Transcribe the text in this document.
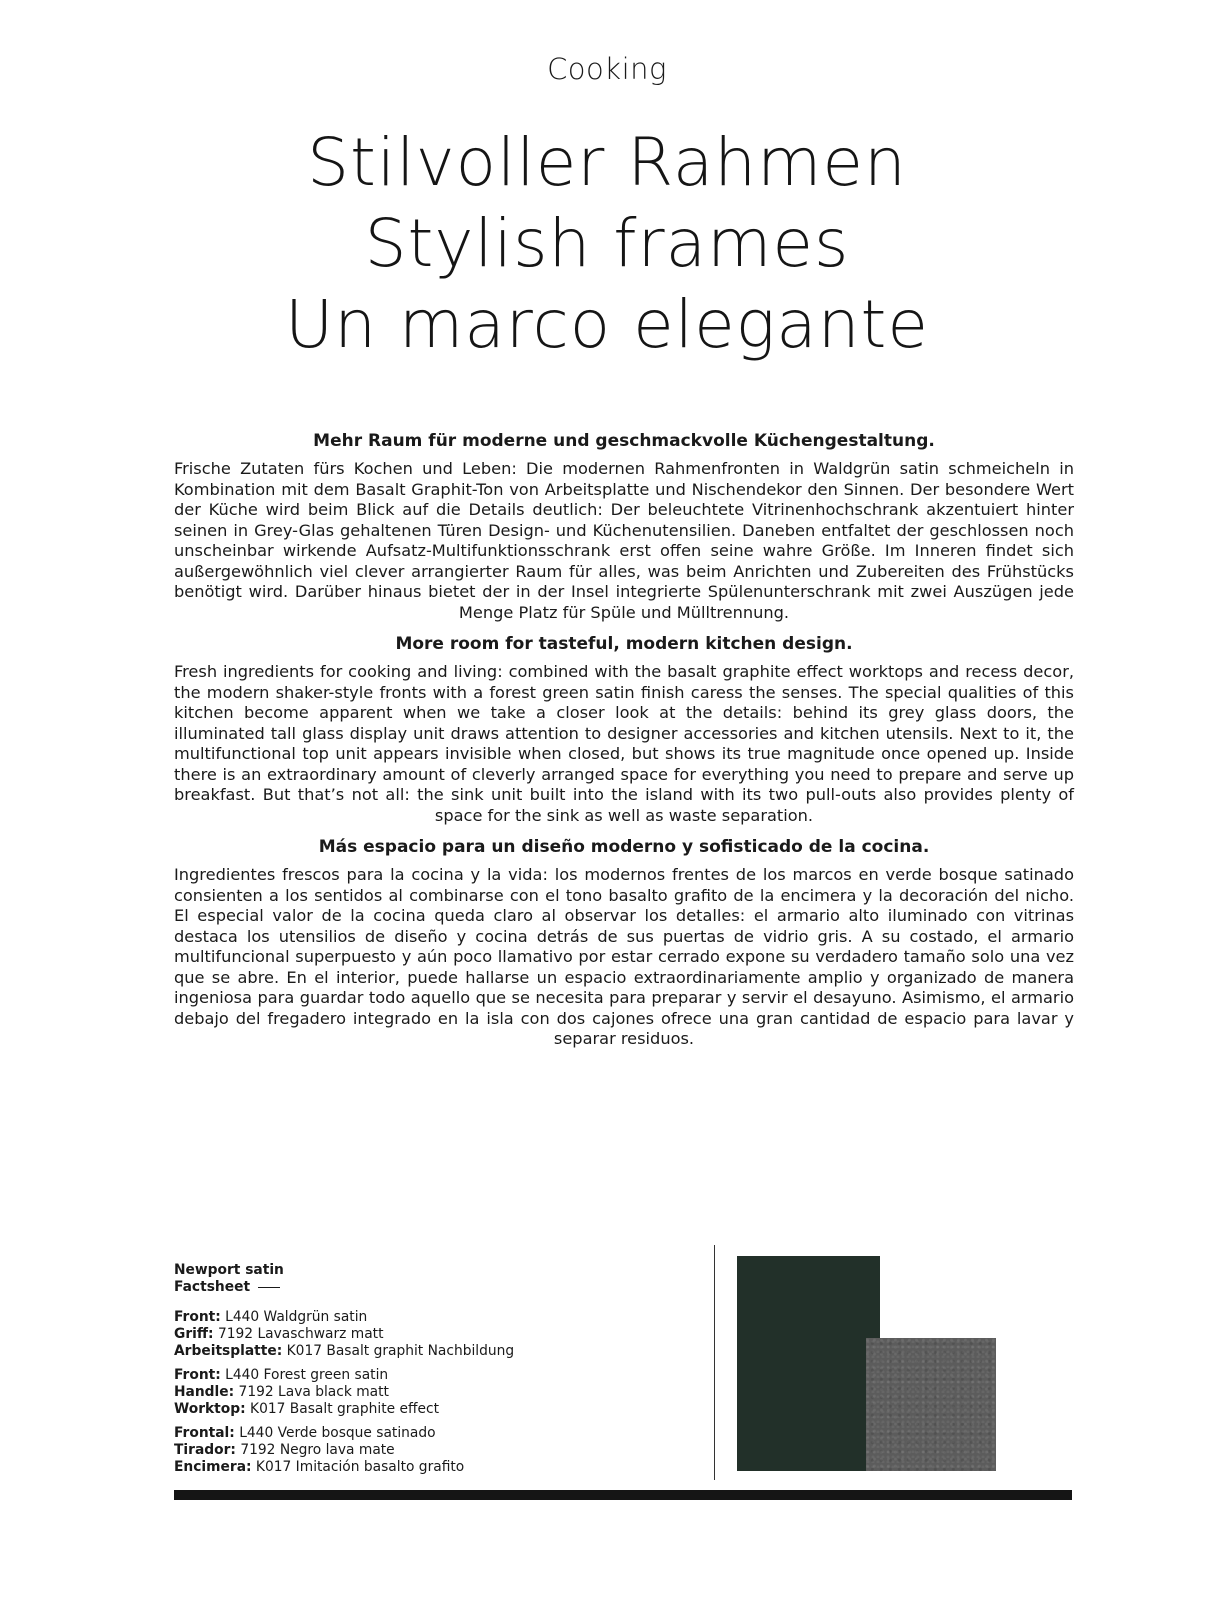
Cooking
Stilvoller Rahmen
Stylish frames
Un marco elegante
Mehr Raum für moderne und geschmackvolle Küchengestaltung.

Frische Zutaten fürs Kochen und Leben: Die modernen Rahmenfronten in Waldgrün satin schmeicheln in Kombination mit dem Basalt Graphit-Ton von Arbeitsplatte und Nischendekor den Sinnen. Der besondere Wert der Küche wird beim Blick auf die Details deutlich: Der beleuchtete Vitrinenhochschrank akzentuiert hinter seinen in Grey-Glas gehaltenen Türen Design- und Küchenutensilien. Daneben entfaltet der geschlossen noch unscheinbar wirkende Aufsatz-Multifunktionsschrank erst offen seine wahre Größe. Im Inneren findet sich außergewöhnlich viel clever arrangierter Raum für alles, was beim Anrichten und Zubereiten des Frühstücks benötigt wird. Darüber hinaus bietet der in der Insel integrierte Spülenunterschrank mit zwei Auszügen jede Menge Platz für Spüle und Mülltrennung.

More room for tasteful, modern kitchen design.

Fresh ingredients for cooking and living: combined with the basalt graphite effect worktops and recess decor, the modern shaker-style fronts with a forest green satin finish caress the senses. The special qualities of this kitchen become apparent when we take a closer look at the details: behind its grey glass doors, the illuminated tall glass display unit draws attention to designer accessories and kitchen utensils. Next to it, the multifunctional top unit appears invisible when closed, but shows its true magnitude once opened up. Inside there is an extraordinary amount of cleverly arranged space for everything you need to prepare and serve up breakfast. But that’s not all: the sink unit built into the island with its two pull-outs also provides plenty of space for the sink as well as waste separation.

Más espacio para un diseño moderno y sofisticado de la cocina.

Ingredientes frescos para la cocina y la vida: los modernos frentes de los marcos en verde bosque satinado consienten a los sentidos al combinarse con el tono basalto grafito de la encimera y la decoración del nicho. El especial valor de la cocina queda claro al observar los detalles: el armario alto iluminado con vitrinas destaca los utensilios de diseño y cocina detrás de sus puertas de vidrio gris. A su costado, el armario multifuncional superpuesto y aún poco llamativo por estar cerrado expone su verdadero tamaño solo una vez que se abre. En el interior, puede hallarse un espacio extraordinariamente amplio y organizado de manera ingeniosa para guardar todo aquello que se necesita para preparar y servir el desayuno. Asimismo, el armario debajo del fregadero integrado en la isla con dos cajones ofrece una gran cantidad de espacio para lavar y separar residuos.

Newport satin
Factsheet
Front: L440 Waldgrün satin
Griff: 7192 Lavaschwarz matt
Arbeitsplatte: K017 Basalt graphit Nachbildung
Front: L440 Forest green satin
Handle: 7192 Lava black matt
Worktop: K017 Basalt graphite effect
Frontal: L440 Verde bosque satinado
Tirador: 7192 Negro lava mate
Encimera: K017 Imitación basalto grafito
